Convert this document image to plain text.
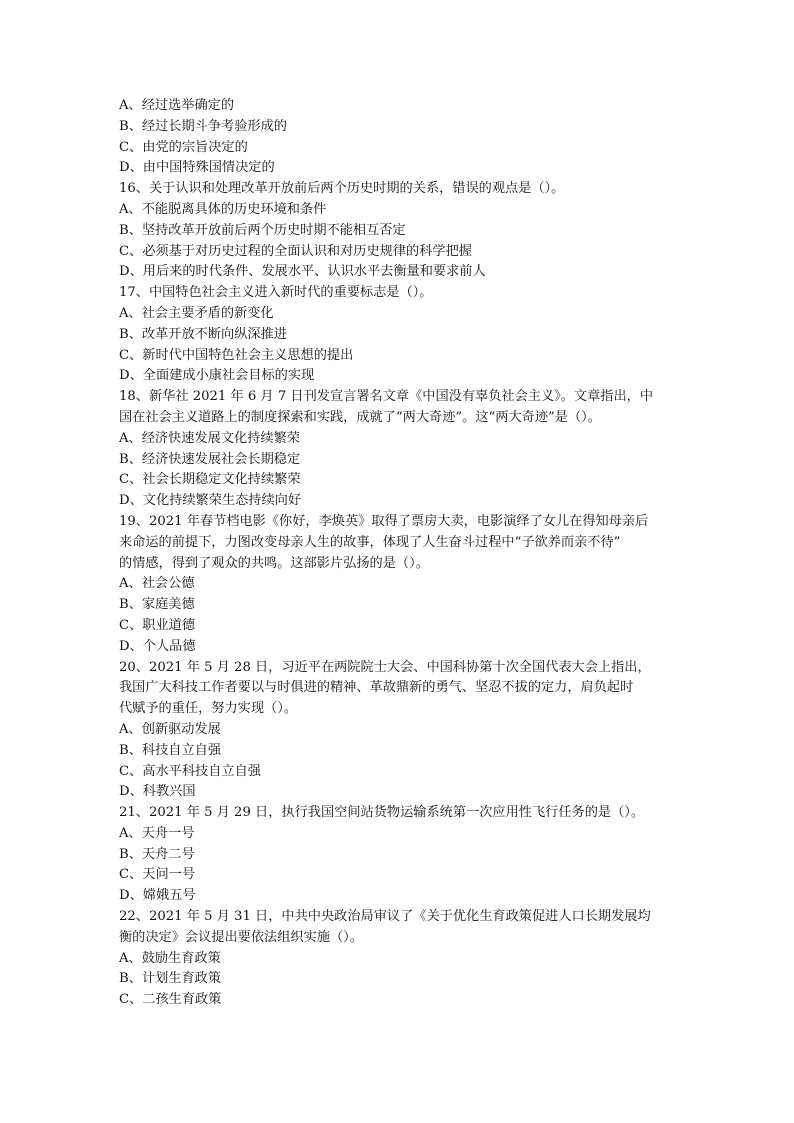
A、经过选举确定的
B、经过长期斗争考验形成的
C、由党的宗旨决定的
D、由中国特殊国情决定的
16、关于认识和处理改革开放前后两个历史时期的关系，错误的观点是（）。
A、不能脱离具体的历史环境和条件
B、坚持改革开放前后两个历史时期不能相互否定
C、必须基于对历史过程的全面认识和对历史规律的科学把握
D、用后来的时代条件、发展水平、认识水平去衡量和要求前人
17、中国特色社会主义进入新时代的重要标志是（）。
A、社会主要矛盾的新变化
B、改革开放不断向纵深推进
C、新时代中国特色社会主义思想的提出
D、全面建成小康社会目标的实现
18、新华社 2021 年 6 月 7 日刊发宣言署名文章《中国没有辜负社会主义》。文章指出，中
国在社会主义道路上的制度探索和实践，成就了“两大奇迹”。这“两大奇迹”是（）。
A、经济快速发展文化持续繁荣
B、经济快速发展社会长期稳定
C、社会长期稳定文化持续繁荣
D、文化持续繁荣生态持续向好
19、2021 年春节档电影《你好，李焕英》取得了票房大卖，电影演绎了女儿在得知母亲后
来命运的前提下，力图改变母亲人生的故事，体现了人生奋斗过程中“子欲养而亲不待”
的情感，得到了观众的共鸣。这部影片弘扬的是（）。
A、社会公德
B、家庭美德
C、职业道德
D、个人品德
20、2021 年 5 月 28 日，习近平在两院院士大会、中国科协第十次全国代表大会上指出，
我国广大科技工作者要以与时俱进的精神、革故鼎新的勇气、坚忍不拔的定力，肩负起时
代赋予的重任，努力实现（）。
A、创新驱动发展
B、科技自立自强
C、高水平科技自立自强
D、科教兴国
21、2021 年 5 月 29 日，执行我国空间站货物运输系统第一次应用性飞行任务的是（）。
A、天舟一号
B、天舟二号
C、天问一号
D、嫦娥五号
22、2021 年 5 月 31 日，中共中央政治局审议了《关于优化生育政策促进人口长期发展均
衡的决定》会议提出要依法组织实施（）。
A、鼓励生育政策
B、计划生育政策
C、二孩生育政策
